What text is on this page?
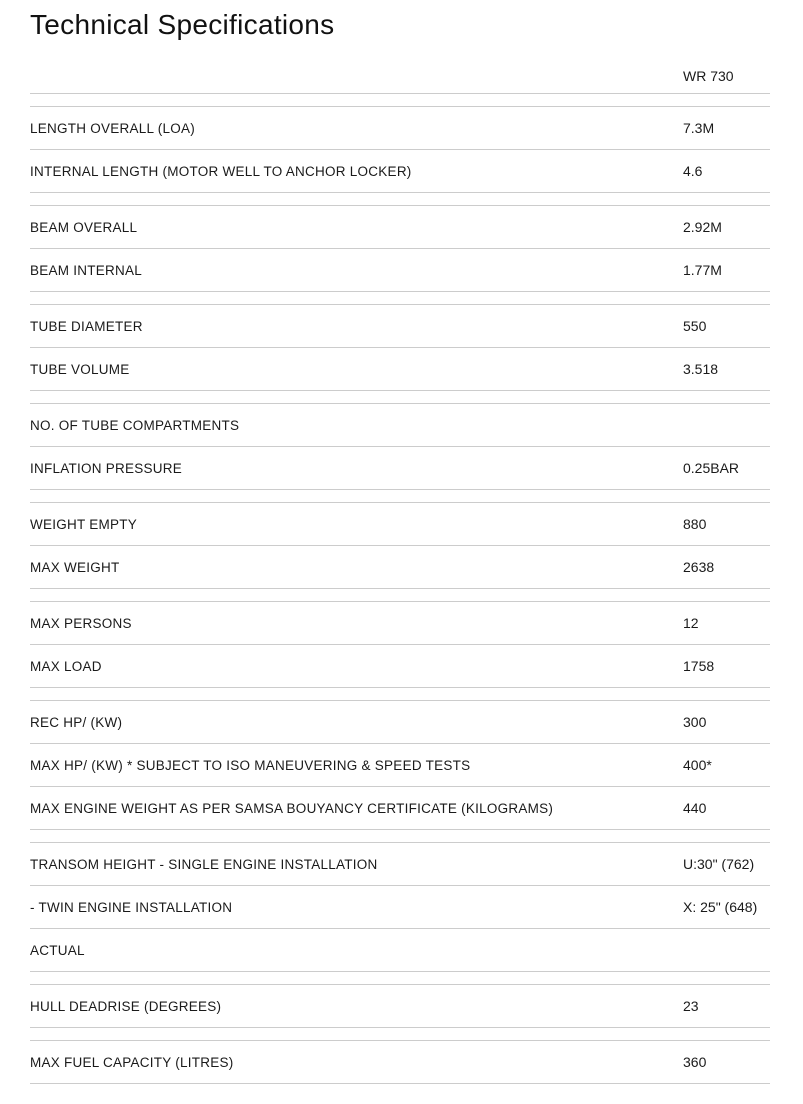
Technical Specifications
WR 730
LENGTH OVERALL (LOA)	7.3M
INTERNAL LENGTH (MOTOR WELL TO ANCHOR LOCKER)	4.6
BEAM OVERALL	2.92M
BEAM INTERNAL	1.77M
TUBE DIAMETER	550
TUBE VOLUME	3.518
NO. OF TUBE COMPARTMENTS
INFLATION PRESSURE	0.25BAR
WEIGHT EMPTY	880
MAX WEIGHT	2638
MAX PERSONS	12
MAX LOAD	1758
REC HP/ (KW)	300
MAX HP/ (KW) * SUBJECT TO ISO MANEUVERING & SPEED TESTS	400*
MAX ENGINE WEIGHT AS PER SAMSA BOUYANCY CERTIFICATE (KILOGRAMS)	440
TRANSOM HEIGHT - SINGLE ENGINE INSTALLATION	U:30" (762)
- TWIN ENGINE INSTALLATION	X: 25" (648)
ACTUAL
HULL DEADRISE (DEGREES)	23
MAX FUEL CAPACITY (LITRES)	360
